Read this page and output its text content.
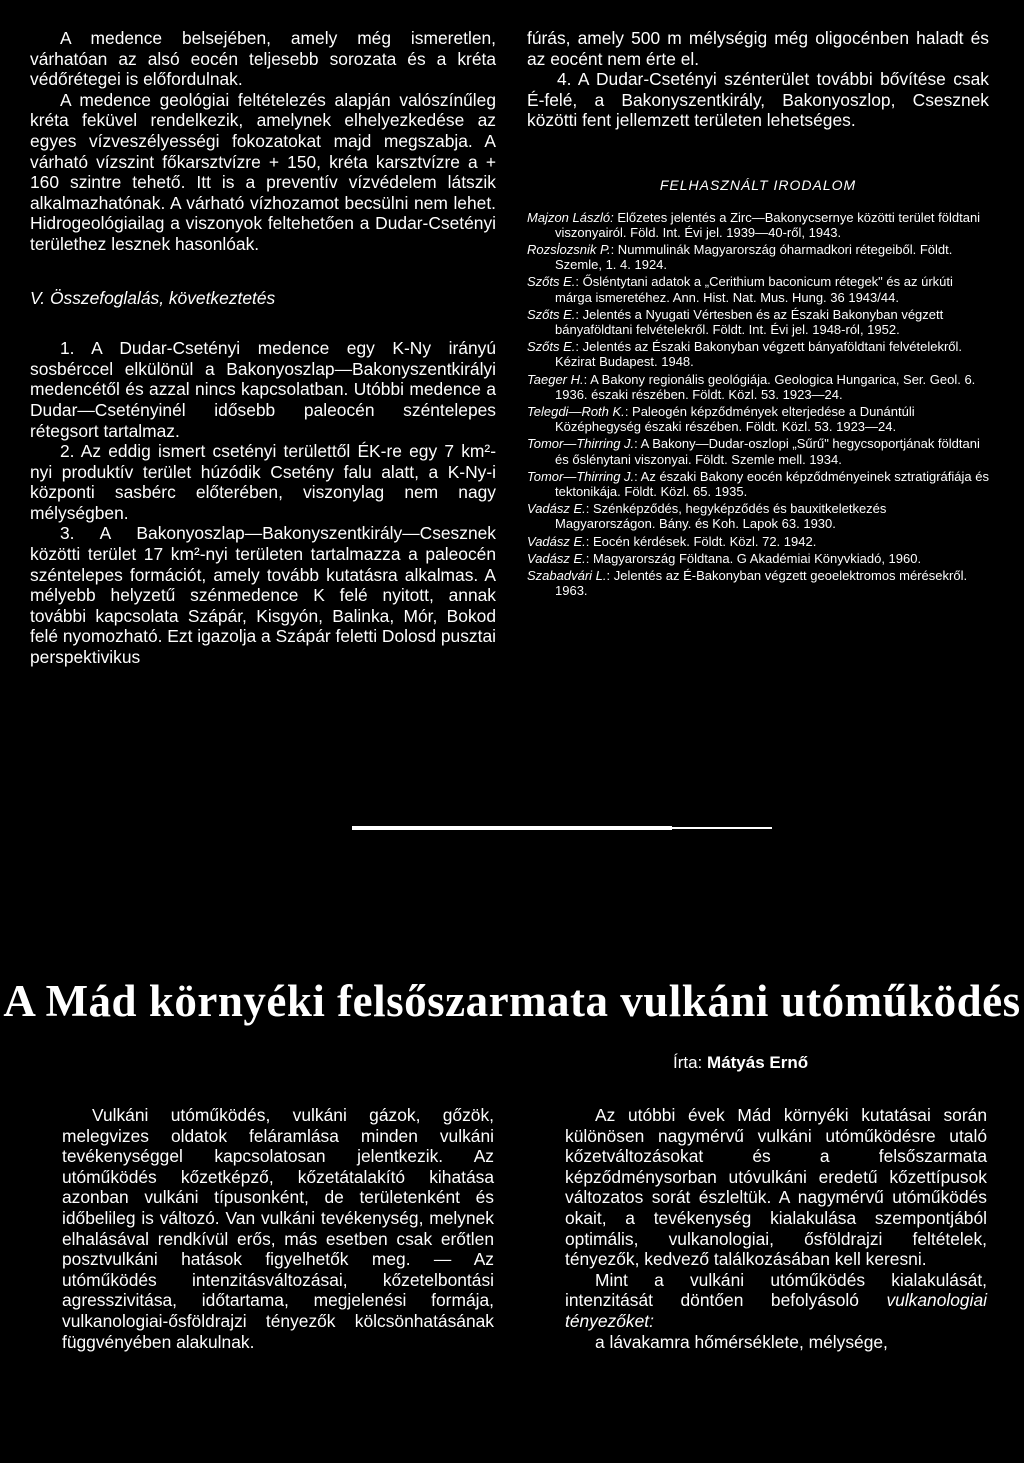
A medence belsejében, amely még ismeretlen, várhatóan az alsó eocén teljesebb sorozata és a kréta védőrétegei is előfordulnak.

A medence geológiai feltételezés alapján valószínűleg kréta feküvel rendelkezik, amelynek elhelyezkedése az egyes vízveszélyességi fokozatokat majd megszabja. A várható vízszint főkarsztvízre + 150, kréta karsztvízre a + 160 szintre tehető. Itt is a preventív vízvédelem látszik alkalmazhatónak. A várható vízhozamot becsülni nem lehet. Hidrogeológiailag a viszonyok feltehetően a Dudar-Csetényi területhez lesznek hasonlóak.

V. Összefoglalás, következtetés

1. A Dudar-Csetényi medence egy K-Ny irányú sosbérccel elkülönül a Bakonyoszlap—Bakonyszentkirályi medencétől és azzal nincs kapcsolatban. Utóbbi medence a Dudar—Csetényinél idősebb paleocén széntelepes rétegsort tartalmaz.

2. Az eddig ismert csetényi területtől ÉK-re egy 7 km²-nyi produktív terület húzódik Csetény falu alatt, a K-Ny-i központi sasbérc előterében, viszonylag nem nagy mélységben.

3. A Bakonyoszlap—Bakonyszentkirály—Csesznek közötti terület 17 km²-nyi területen tartalmazza a paleocén széntelepes formációt, amely tovább kutatásra alkalmas. A mélyebb helyzetű szénmedence K felé nyitott, annak további kapcsolata Szápár, Kisgyón, Balinka, Mór, Bokod felé nyomozható. Ezt igazolja a Szápár feletti Dolosd pusztai perspektivikus

fúrás, amely 500 m mélységig még oligocénben haladt és az eocént nem érte el.

4. A Dudar-Csetényi szénterület további bővítése csak É-felé, a Bakonyszentkirály, Bakonyoszlop, Csesznek közötti fent jellemzett területen lehetséges.

FELHASZNÁLT IRODALOM

Majzon László: Előzetes jelentés a Zirc—Bakonycsernye közötti terület földtani viszonyairól. Föld. Int. Évi jel. 1939—40-ről, 1943.

Rozsl̇ozsnik P.: Nummulinák Magyarország óharmadkori rétegeiből. Földt. Szemle, 1. 4. 1924.

Szőts E.: Ősléntytani adatok a „Cerithium baconicum rétegek" és az úrkúti márga ismeretéhez. Ann. Hist. Nat. Mus. Hung. 36 1943/44.

Szőts E.: Jelentés a Nyugati Vértesben és az Északi Bakonyban végzett bányaföldtani felvételekről. Földt. Int. Évi jel. 1948-ról, 1952.

Szőts E.: Jelentés az Északi Bakonyban végzett bányaföldtani felvételekről. Kézirat Budapest. 1948.

Taeger H.: A Bakony regionális geológiája. Geologica Hungarica, Ser. Geol. 6. 1936. északi részében. Földt. Közl. 53. 1923—24.

Telegdi—Roth K.: Paleogén képződmények elterjedése a Dunántúli Középhegység északi részében. Földt. Közl. 53. 1923—24.

Tomor—Thirring J.: A Bakony—Dudar-oszlopi „Sűrű" hegycsoportjának földtani és őslénytani viszonyai. Földt. Szemle mell. 1934.

Tomor—Thirring J.: Az északi Bakony eocén képződményeinek sztratigráfiája és tektonikája. Földt. Közl. 65. 1935.

Vadász E.: Szénképződés, hegyképződés és bauxitkeletkezés Magyarországon. Bány. és Koh. Lapok 63. 1930.

Vadász E.: Eocén kérdések. Földt. Közl. 72. 1942.

Vadász E.: Magyarország Földtana. G Akadémiai Könyvkiadó, 1960.

Szabadvári L.: Jelentés az É-Bakonyban végzett geoelektromos mérésekről. 1963.

A Mád környéki felsőszarmata vulkáni utóműködés
Írta: Mátyás Ernő

Vulkáni utóműködés, vulkáni gázok, gőzök, melegvizes oldatok feláramlása minden vulkáni tevékenységgel kapcsolatosan jelentkezik. Az utóműködés kőzetképző, kőzetátalakító kihatása azonban vulkáni típusonként, de területenként és időbelileg is változó. Van vulkáni tevékenység, melynek elhalásával rendkívül erős, más esetben csak erőtlen posztvulkáni hatások figyelhetők meg. — Az utóműködés intenzitásváltozásai, kőzetelbontási agresszivitása, időtartama, megjelenési formája, vulkanologiai-ősföldrajzi tényezők kölcsönhatásának függvényében alakulnak.

Az utóbbi évek Mád környéki kutatásai során különösen nagymérvű vulkáni utóműködésre utaló kőzetváltozásokat és a felsőszarmata képződménysorban utóvulkáni eredetű kőzettípusok változatos sorát észleltük. A nagymérvű utóműködés okait, a tevékenység kialakulása szempontjából optimális, vulkanologiai, ősföldrajzi feltételek, tényezők, kedvező találkozásában kell keresni.

Mint a vulkáni utóműködés kialakulását, intenzitását döntően befolyásoló vulkanologiai tényezőket:

a lávakamra hőmérséklete, mélysége,
